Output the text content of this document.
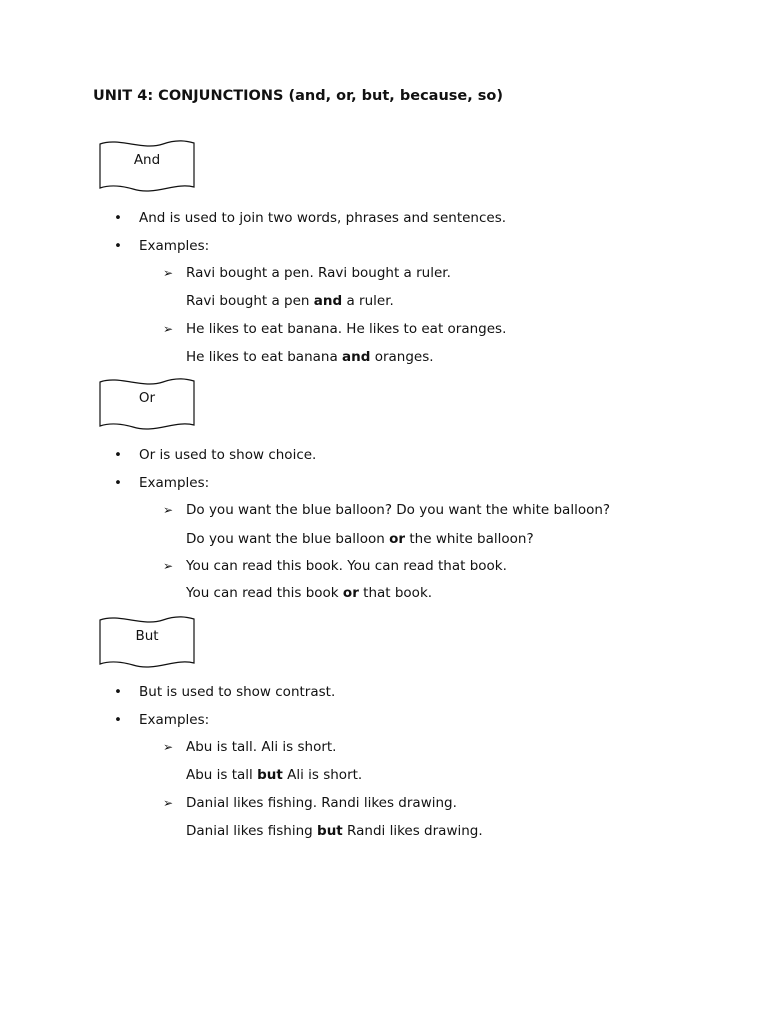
UNIT 4: CONJUNCTIONS (and, or, but, because, so)
And
• And is used to join two words, phrases and sentences.
• Examples:
➢ Ravi bought a pen. Ravi bought a ruler.
Ravi bought a pen and a ruler.
➢ He likes to eat banana. He likes to eat oranges.
He likes to eat banana and oranges.
Or
• Or is used to show choice.
• Examples:
➢ Do you want the blue balloon? Do you want the white balloon?
Do you want the blue balloon or the white balloon?
➢ You can read this book. You can read that book.
You can read this book or that book.
But
• But is used to show contrast.
• Examples:
➢ Abu is tall. Ali is short.
Abu is tall but Ali is short.
➢ Danial likes fishing. Randi likes drawing.
Danial likes fishing but Randi likes drawing.
